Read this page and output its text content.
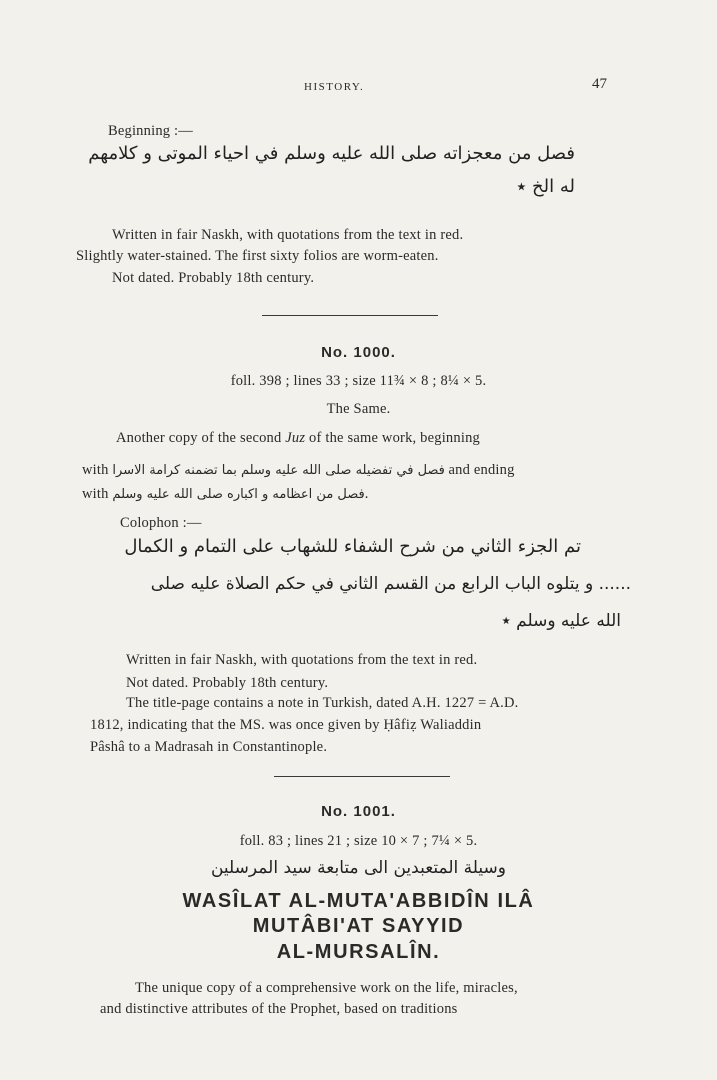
HISTORY.	47
Beginning :—
فصل من معجزاته صلى الله عليه وسلم في احياء الموتى و كلامهم
له الخ ٭
Written in fair Naskh, with quotations from the text in red.
Slightly water-stained. The first sixty folios are worm-eaten.
Not dated. Probably 18th century.
No. 1000.
foll. 398 ; lines 33 ; size 11¾ × 8 ; 8¼ × 5.
The Same.
Another copy of the second Juz of the same work, beginning
with فصل في تفضيله صلى الله عليه وسلم بما تضمنه كرامة الاسرا and ending
with فصل من اعظامه و اكباره صلى الله عليه وسلم.
Colophon :—
تم الجزء الثاني من شرح الشفاء للشهاب على التمام و الكمال
...... و يتلوه الباب الرابع من القسم الثاني في حكم الصلاة عليه صلى
الله عليه وسلم ٭
Written in fair Naskh, with quotations from the text in red.
Not dated. Probably 18th century.
The title-page contains a note in Turkish, dated A.H. 1227 = A.D.
1812, indicating that the MS. was once given by Ḥâfiẓ Waliaddin
Pâshâ to a Madrasah in Constantinople.
No. 1001.
foll. 83 ; lines 21 ; size 10 × 7 ; 7¼ × 5.
وسيلة المتعبدين الى متابعة سيد المرسلين
WASÎLAT AL-MUTA'ABBIDÎN ILÂ
MUTÂBI'AT SAYYID
AL-MURSALÎN.
The unique copy of a comprehensive work on the life, miracles,
and distinctive attributes of the Prophet, based on traditions
